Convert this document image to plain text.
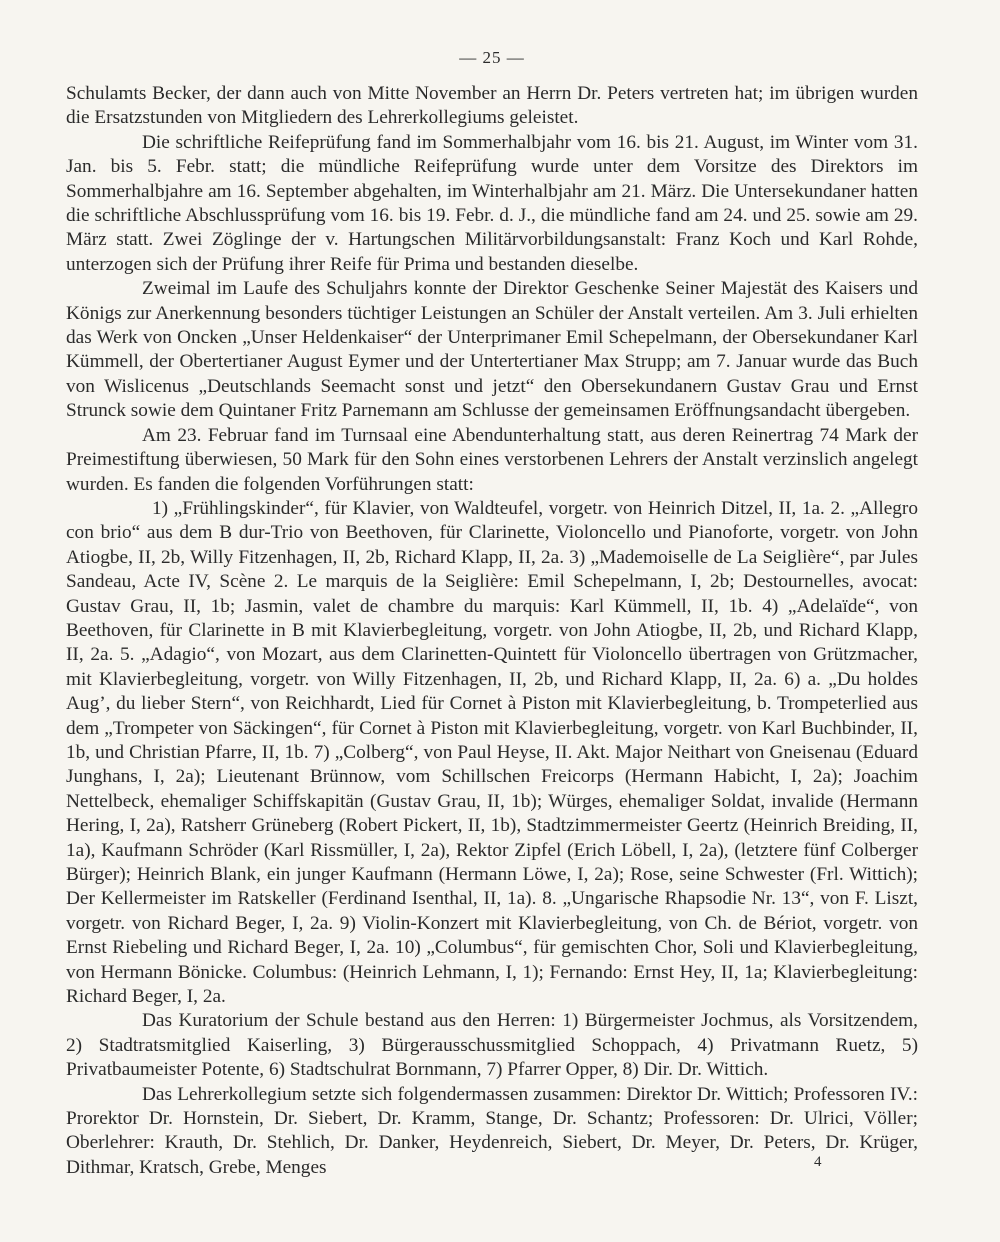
— 25 —

Schulamts Becker, der dann auch von Mitte November an Herrn Dr. Peters vertreten hat; im übrigen wurden die Ersatzstunden von Mitgliedern des Lehrerkollegiums geleistet.

Die schriftliche Reifeprüfung fand im Sommerhalbjahr vom 16. bis 21. August, im Winter vom 31. Jan. bis 5. Febr. statt; die mündliche Reifeprüfung wurde unter dem Vorsitze des Direktors im Sommerhalbjahre am 16. September abgehalten, im Winterhalbjahr am 21. März. Die Untersekundaner hatten die schriftliche Abschlussprüfung vom 16. bis 19. Febr. d. J., die mündliche fand am 24. und 25. sowie am 29. März statt. Zwei Zöglinge der v. Hartungschen Militärvorbildungsanstalt: Franz Koch und Karl Rohde, unterzogen sich der Prüfung ihrer Reife für Prima und bestanden dieselbe.

Zweimal im Laufe des Schuljahrs konnte der Direktor Geschenke Seiner Majestät des Kaisers und Königs zur Anerkennung besonders tüchtiger Leistungen an Schüler der Anstalt verteilen. Am 3. Juli erhielten das Werk von Oncken „Unser Heldenkaiser“ der Unterprimaner Emil Schepelmann, der Obersekundaner Karl Kümmell, der Obertertianer August Eymer und der Untertertianer Max Strupp; am 7. Januar wurde das Buch von Wislicenus „Deutschlands Seemacht sonst und jetzt“ den Obersekundanern Gustav Grau und Ernst Strunck sowie dem Quintaner Fritz Parnemann am Schlusse der gemeinsamen Eröffnungsandacht übergeben.

Am 23. Februar fand im Turnsaal eine Abendunterhaltung statt, aus deren Reinertrag 74 Mark der Preimestiftung überwiesen, 50 Mark für den Sohn eines verstorbenen Lehrers der Anstalt verzinslich angelegt wurden. Es fanden die folgenden Vorführungen statt:

1) „Frühlingskinder“, für Klavier, von Waldteufel, vorgetr. von Heinrich Ditzel, II, 1a. 2. „Allegro con brio“ aus dem B dur-Trio von Beethoven, für Clarinette, Violoncello und Pianoforte, vorgetr. von John Atiogbe, II, 2b, Willy Fitzenhagen, II, 2b, Richard Klapp, II, 2a. 3) „Mademoiselle de La Seiglière“, par Jules Sandeau, Acte IV, Scène 2. Le marquis de la Seiglière: Emil Schepelmann, I, 2b; Destournelles, avocat: Gustav Grau, II, 1b; Jasmin, valet de chambre du marquis: Karl Kümmell, II, 1b. 4) „Adelaïde“, von Beethoven, für Clarinette in B mit Klavierbegleitung, vorgetr. von John Atiogbe, II, 2b, und Richard Klapp, II, 2a. 5. „Adagio“, von Mozart, aus dem Clarinetten-Quintett für Violoncello übertragen von Grützmacher, mit Klavierbegleitung, vorgetr. von Willy Fitzenhagen, II, 2b, und Richard Klapp, II, 2a. 6) a. „Du holdes Aug’, du lieber Stern“, von Reichhardt, Lied für Cornet à Piston mit Klavierbegleitung, b. Trompeterlied aus dem „Trompeter von Säckingen“, für Cornet à Piston mit Klavierbegleitung, vorgetr. von Karl Buchbinder, II, 1b, und Christian Pfarre, II, 1b. 7) „Colberg“, von Paul Heyse, II. Akt. Major Neithart von Gneisenau (Eduard Junghans, I, 2a); Lieutenant Brünnow, vom Schillschen Freicorps (Hermann Habicht, I, 2a); Joachim Nettelbeck, ehemaliger Schiffskapitän (Gustav Grau, II, 1b); Würges, ehemaliger Soldat, invalide (Hermann Hering, I, 2a), Ratsherr Grüneberg (Robert Pickert, II, 1b), Stadtzimmermeister Geertz (Heinrich Breiding, II, 1a), Kaufmann Schröder (Karl Rissmüller, I, 2a), Rektor Zipfel (Erich Löbell, I, 2a), (letztere fünf Colberger Bürger); Heinrich Blank, ein junger Kaufmann (Hermann Löwe, I, 2a); Rose, seine Schwester (Frl. Wittich); Der Kellermeister im Ratskeller (Ferdinand Isenthal, II, 1a). 8. „Ungarische Rhapsodie Nr. 13“, von F. Liszt, vorgetr. von Richard Beger, I, 2a. 9) Violin-Konzert mit Klavierbegleitung, von Ch. de Bériot, vorgetr. von Ernst Riebeling und Richard Beger, I, 2a. 10) „Columbus“, für gemischten Chor, Soli und Klavierbegleitung, von Hermann Bönicke. Columbus: (Heinrich Lehmann, I, 1); Fernando: Ernst Hey, II, 1a; Klavierbegleitung: Richard Beger, I, 2a.

Das Kuratorium der Schule bestand aus den Herren: 1) Bürgermeister Jochmus, als Vorsitzendem, 2) Stadtratsmitglied Kaiserling, 3) Bürgerausschussmitglied Schoppach, 4) Privatmann Ruetz, 5) Privatbaumeister Potente, 6) Stadtschulrat Bornmann, 7) Pfarrer Opper, 8) Dir. Dr. Wittich.

Das Lehrerkollegium setzte sich folgendermassen zusammen: Direktor Dr. Wittich; Professoren IV.: Prorektor Dr. Hornstein, Dr. Siebert, Dr. Kramm, Stange, Dr. Schantz; Professoren: Dr. Ulrici, Völler; Oberlehrer: Krauth, Dr. Stehlich, Dr. Danker, Heydenreich, Siebert, Dr. Meyer, Dr. Peters, Dr. Krüger, Dithmar, Kratsch, Grebe, Menges	4
